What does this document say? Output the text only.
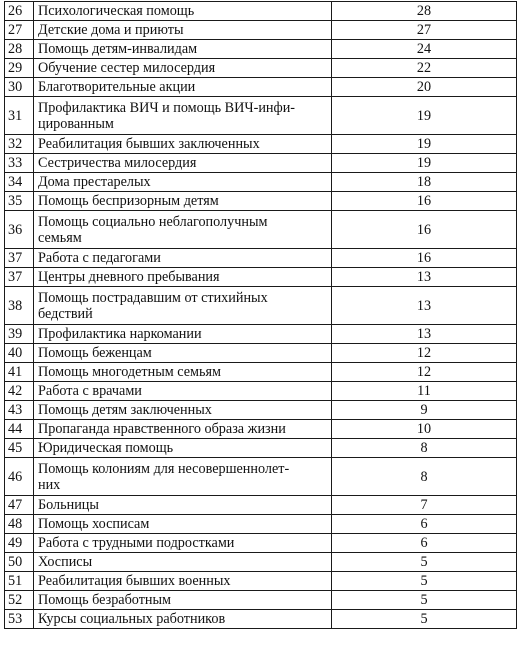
26	Психологическая помощь	28
27	Детские дома и приюты	27
28	Помощь детям-инвалидам	24
29	Обучение сестер милосердия	22
30	Благотворительные акции	20
31	Профилактика ВИЧ и помощь ВИЧ-инфи-
цированным	19
32	Реабилитация бывших заключенных	19
33	Сестричества милосердия	19
34	Дома престарелых	18
35	Помощь беспризорным детям	16
36	Помощь социально неблагополучным
семьям	16
37	Работа с педагогами	16
37	Центры дневного пребывания	13
38	Помощь пострадавшим от стихийных
бедствий	13
39	Профилактика наркомании	13
40	Помощь беженцам	12
41	Помощь многодетным семьям	12
42	Работа с врачами	11
43	Помощь детям заключенных	9
44	Пропаганда нравственного образа жизни	10
45	Юридическая помощь	8
46	Помощь колониям для несовершеннолет-
них	8
47	Больницы	7
48	Помощь хосписам	6
49	Работа с трудными подростками	6
50	Хосписы	5
51	Реабилитация бывших военных	5
52	Помощь безработным	5
53	Курсы социальных работников	5
